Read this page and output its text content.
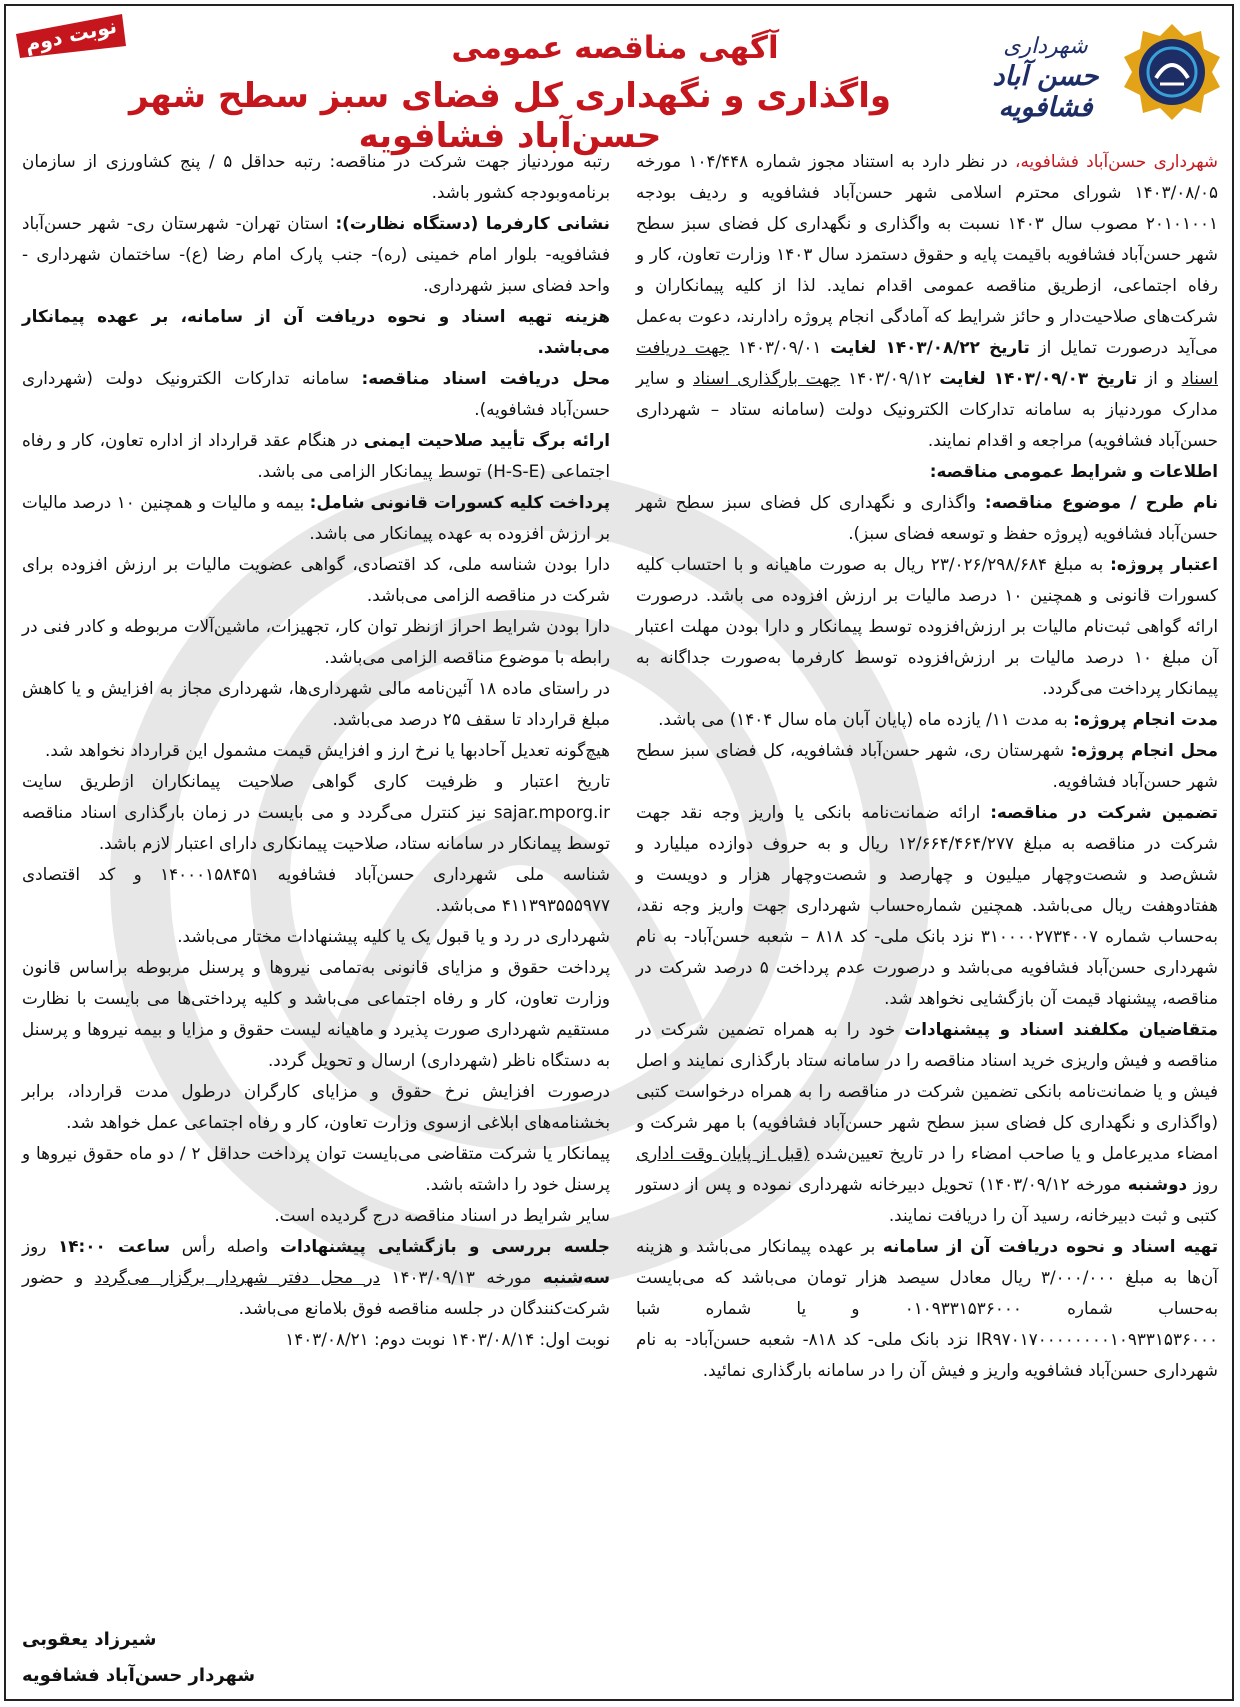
نوبت دوم	شهرداری
حسن آباد فشافویه
آگهی مناقصه عمومی
واگذاری و نگهداری کل فضای سبز سطح شهر حسن‌آباد فشافویه

شهرداری حسن‌آباد فشافویه، در نظر دارد به استناد مجوز شماره ۱۰۴/۴۴۸ مورخه ۱۴۰۳/۰۸/۰۵ شورای محترم اسلامی شهر حسن‌آباد فشافویه و ردیف بودجه ۲۰۱۰۱۰۰۱ مصوب سال ۱۴۰۳ نسبت به واگذاری و نگهداری کل فضای سبز سطح شهر حسن‌آباد فشافویه باقیمت پایه و حقوق دستمزد سال ۱۴۰۳ وزارت تعاون، کار و رفاه اجتماعی، ازطریق مناقصه عمومی اقدام نماید. لذا از کلیه پیمانکاران و شرکت‌های صلاحیت‌دار و حائز شرایط که آمادگی انجام پروژه رادارند، دعوت به‌عمل می‌آید درصورت تمایل از تاریخ ۱۴۰۳/۰۸/۲۲ لغایت ۱۴۰۳/۰۹/۰۱ جهت دریافت اسناد و از تاریخ ۱۴۰۳/۰۹/۰۳ لغایت ۱۴۰۳/۰۹/۱۲ جهت بارگذاری اسناد و سایر مدارک موردنیاز به سامانه تدارکات الکترونیک دولت (سامانه ستاد – شهرداری حسن‌آباد فشافویه) مراجعه و اقدام نمایند.

اطلاعات و شرایط عمومی مناقصه:

نام طرح / موضوع مناقصه: واگذاری و نگهداری کل فضای سبز سطح شهر حسن‌آباد فشافویه (پروژه حفظ و توسعه فضای سبز).

اعتبار پروژه: به مبلغ ۲۳/۰۲۶/۲۹۸/۶۸۴ ریال به صورت ماهیانه و با احتساب کلیه کسورات قانونی و همچنین ۱۰ درصد مالیات بر ارزش افزوده می باشد. درصورت ارائه گواهی ثبت‌نام مالیات بر ارزش‌افزوده توسط پیمانکار و دارا بودن مهلت اعتبار آن مبلغ ۱۰ درصد مالیات بر ارزش‌افزوده توسط کارفرما به‌صورت جداگانه به پیمانکار پرداخت می‌گردد.

مدت انجام پروژه: به مدت ۱۱/ یازده ماه (پایان آبان ماه سال ۱۴۰۴) می باشد.

محل انجام پروژه: شهرستان ری، شهر حسن‌آباد فشافویه، کل فضای سبز سطح شهر حسن‌آباد فشافویه.

تضمین شرکت در مناقصه: ارائه ضمانت‌نامه بانکی یا واریز وجه نقد جهت شرکت در مناقصه به مبلغ ۱۲/۶۶۴/۴۶۴/۲۷۷ ریال و به حروف دوازده میلیارد و شش‌صد و شصت‌وچهار میلیون و چهارصد و شصت‌وچهار هزار و دویست و هفتادوهفت ریال می‌باشد. همچنین شماره‌حساب شهرداری جهت واریز وجه نقد، به‌حساب شماره ۳۱۰۰۰۰۲۷۳۴۰۰۷ نزد بانک ملی- کد ۸۱۸ – شعبه حسن‌آباد- به نام شهرداری حسن‌آباد فشافویه می‌باشد و درصورت عدم پرداخت ۵ درصد شرکت در مناقصه، پیشنهاد قیمت آن بازگشایی نخواهد شد.

متقاضیان مکلفند اسناد و پیشنهادات خود را به همراه تضمین شرکت در مناقصه و فیش واریزی خرید اسناد مناقصه را در سامانه ستاد بارگذاری نمایند و اصل فیش و یا ضمانت‌نامه بانکی تضمین شرکت در مناقصه را به همراه درخواست کتبی (واگذاری و نگهداری کل فضای سبز سطح شهر حسن‌آباد فشافویه) با مهر شرکت و امضاء مدیرعامل و یا صاحب امضاء را در تاریخ تعیین‌شده (قبل از پایان وقت اداری روز دوشنبه مورخه ۱۴۰۳/۰۹/۱۲) تحویل دبیرخانه شهرداری نموده و پس از دستور کتبی و ثبت دبیرخانه، رسید آن را دریافت نمایند.

تهیه اسناد و نحوه دریافت آن از سامانه بر عهده پیمانکار می‌باشد و هزینه آن‌ها به مبلغ ۳/۰۰۰/۰۰۰ ریال معادل سیصد هزار تومان می‌باشد که می‌بایست به‌حساب شماره ۰۱۰۹۳۳۱۵۳۶۰۰۰ و یا شماره شبا IR۹۷۰۱۷۰۰۰۰۰۰۰۰۱۰۹۳۳۱۵۳۶۰۰۰ نزد بانک ملی- کد ۸۱۸- شعبه حسن‌آباد- به نام شهرداری حسن‌آباد فشافویه واریز و فیش آن را در سامانه بارگذاری نمائید.

رتبه موردنیاز جهت شرکت در مناقصه: رتبه حداقل ۵ / پنج کشاورزی از سازمان برنامه‌وبودجه کشور باشد.

نشانی کارفرما (دستگاه نظارت): استان تهران- شهرستان ری- شهر حسن‌آباد فشافویه- بلوار امام خمینی (ره)- جنب پارک امام رضا (ع)- ساختمان شهرداری - واحد فضای سبز شهرداری.

هزینه تهیه اسناد و نحوه دریافت آن از سامانه، بر عهده پیمانکار می‌باشد.

محل دریافت اسناد مناقصه: سامانه تدارکات الکترونیک دولت (شهرداری حسن‌آباد فشافویه).

ارائه برگ تأیید صلاحیت ایمنی در هنگام عقد قرارداد از اداره تعاون، کار و رفاه اجتماعی (H-S-E) توسط پیمانکار الزامی می باشد.

پرداخت کلیه کسورات قانونی شامل: بیمه و مالیات و همچنین ۱۰ درصد مالیات بر ارزش افزوده به عهده پیمانکار می باشد.

دارا بودن شناسه ملی، کد اقتصادی، گواهی عضویت مالیات بر ارزش افزوده برای شرکت در مناقصه الزامی می‌باشد.

دارا بودن شرایط احراز ازنظر توان کار، تجهیزات، ماشین‌آلات مربوطه و کادر فنی در رابطه با موضوع مناقصه الزامی می‌باشد.

در راستای ماده ۱۸ آئین‌نامه مالی شهرداری‌ها، شهرداری مجاز به افزایش و یا کاهش مبلغ قرارداد تا سقف ۲۵ درصد می‌باشد.

هیچ‌گونه تعدیل آحادبها یا نرخ ارز و افزایش قیمت مشمول این قرارداد نخواهد شد.

تاریخ اعتبار و ظرفیت کاری گواهی صلاحیت پیمانکاران ازطریق سایت sajar.mporg.ir نیز کنترل می‌گردد و می بایست در زمان بارگذاری اسناد مناقصه توسط پیمانکار در سامانه ستاد، صلاحیت پیمانکاری دارای اعتبار لازم باشد.

شناسه ملی شهرداری حسن‌آباد فشافویه ۱۴۰۰۰۱۵۸۴۵۱ و کد اقتصادی ۴۱۱۳۹۳۵۵۵۹۷۷ می‌باشد.

شهرداری در رد و یا قبول یک یا کلیه پیشنهادات مختار می‌باشد.

پرداخت حقوق و مزایای قانونی به‌تمامی نیروها و پرسنل مربوطه براساس قانون وزارت تعاون، کار و رفاه اجتماعی می‌باشد و کلیه پرداختی‌ها می بایست با نظارت مستقیم شهرداری صورت پذیرد و ماهیانه لیست حقوق و مزایا و بیمه نیروها و پرسنل به دستگاه ناظر (شهرداری) ارسال و تحویل گردد.

درصورت افزایش نرخ حقوق و مزایای کارگران درطول مدت قرارداد، برابر بخشنامه‌های ابلاغی ازسوی وزارت تعاون، کار و رفاه اجتماعی عمل خواهد شد.

پیمانکار یا شرکت متقاضی می‌بایست توان پرداخت حداقل ۲ / دو ماه حقوق نیروها و پرسنل خود را داشته باشد.

سایر شرایط در اسناد مناقصه درج گردیده است.

جلسه بررسی و بازگشایی پیشنهادات واصله رأس ساعت ۱۴:۰۰ روز سه‌شنبه مورخه ۱۴۰۳/۰۹/۱۳ در محل دفتر شهردار برگزار می‌گردد و حضور شرکت‌کنندگان در جلسه مناقصه فوق بلامانع می‌باشد.

نوبت اول: ۱۴۰۳/۰۸/۱۴ نوبت دوم: ۱۴۰۳/۰۸/۲۱

شیرزاد یعقوبی
شهردار حسن‌آباد فشافویه
